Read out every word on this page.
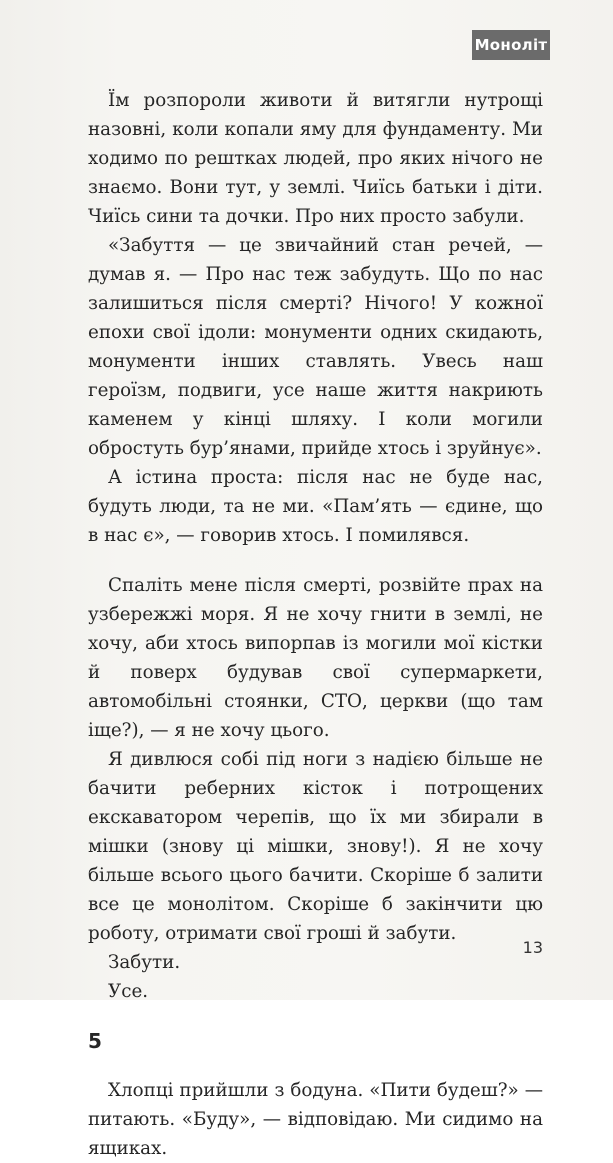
Моноліт

Їм розпороли животи й витягли нутрощі назовні, коли копали яму для фундаменту. Ми ходимо по рештках людей, про яких нічого не знаємо. Вони тут, у землі. Чиїсь батьки і діти. Чиїсь сини та дочки. Про них просто забули.

«Забуття — це звичайний стан речей, — думав я. — Про нас теж забудуть. Що по нас залишиться після смерті? Нічого! У кожної епохи свої ідоли: монументи одних скидають, монументи інших ставлять. Увесь наш героїзм, подвиги, усе наше життя накриють каменем у кінці шляху. І коли могили обростуть бур’янами, прийде хтось і зруйнує».

А істина проста: після нас не буде нас, будуть люди, та не ми. «Пам’ять — єдине, що в нас є», — говорив хтось. І помилявся.

Спаліть мене після смерті, розвійте прах на узбережжі моря. Я не хочу гнити в землі, не хочу, аби хтось випорпав із могили мої кістки й поверх будував свої супермаркети, автомобільні стоянки, СТО, церкви (що там іще?), — я не хочу цього.

Я дивлюся собі під ноги з надією більше не бачити реберних кісток і потрощених екскаватором черепів, що їх ми збирали в мішки (знову ці мішки, знову!). Я не хочу більше всього цього бачити. Скоріше б залити все це монолітом. Скоріше б закінчити цю роботу, отримати свої гроші й забути.

Забути.

Усе.

5

Хлопці прийшли з бодуна. «Пити будеш?» — питають. «Буду», — відповідаю. Ми сидимо на ящиках.

13
